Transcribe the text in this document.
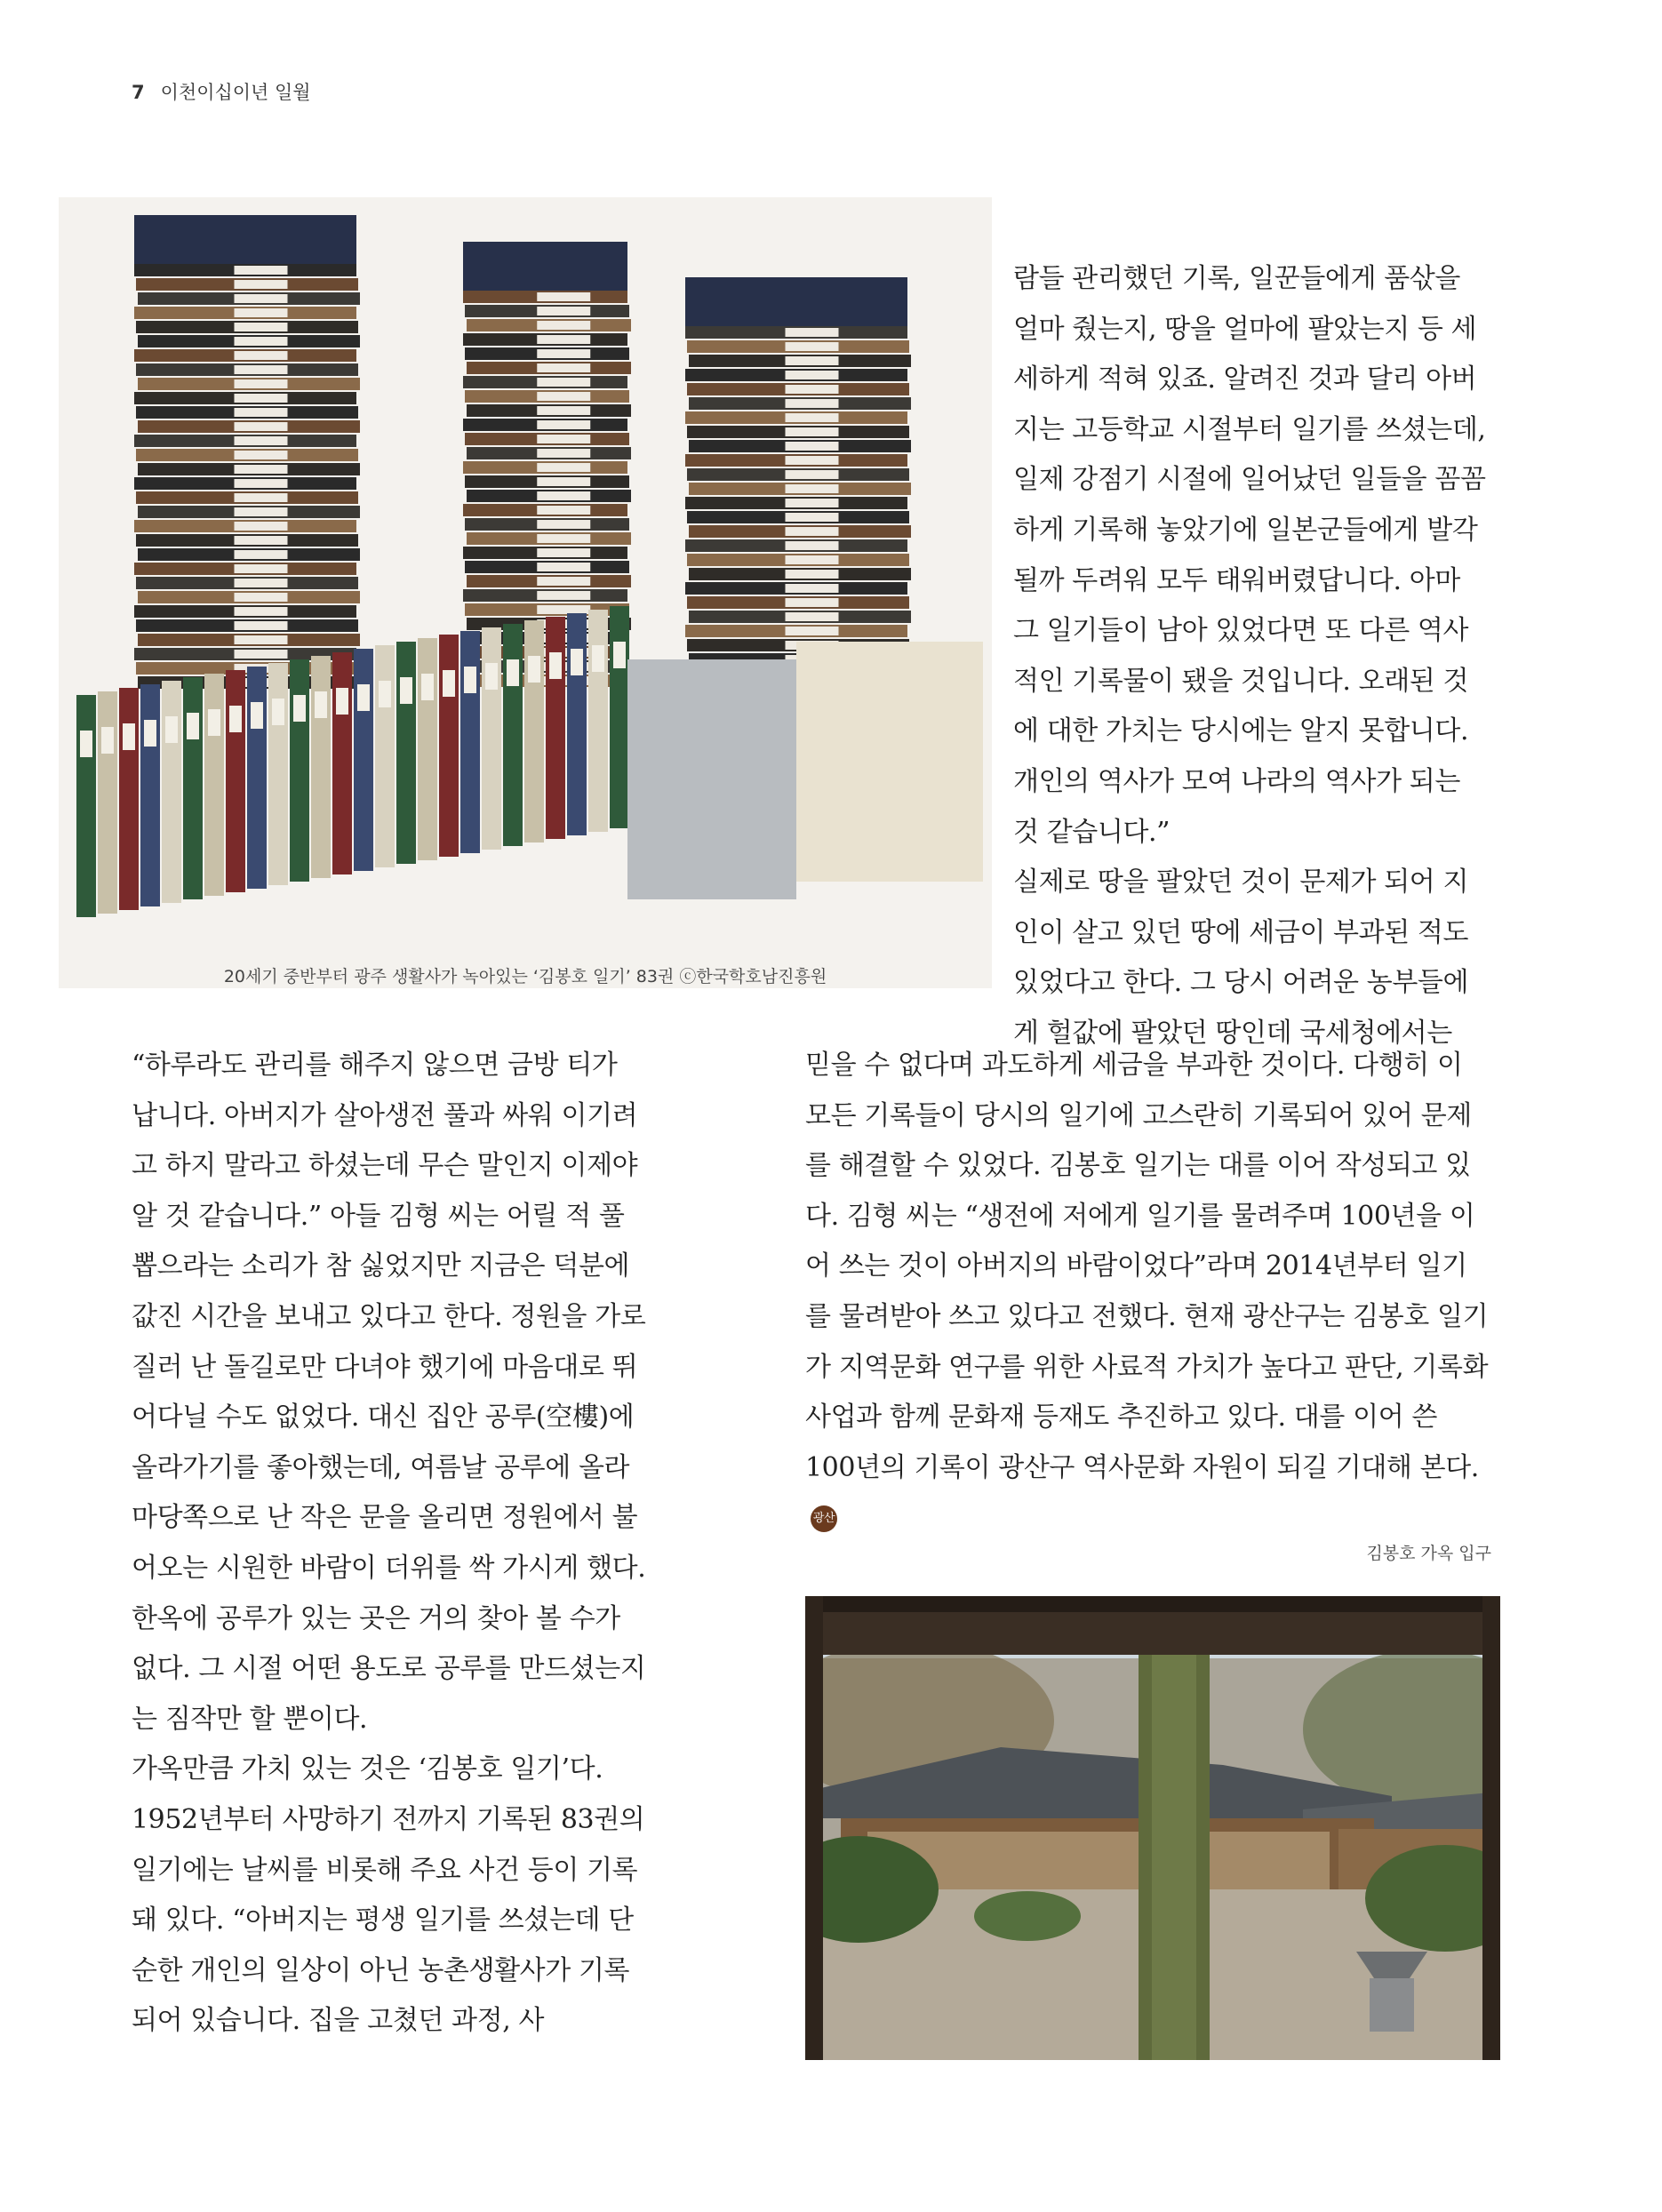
7 이천이십이년 일월
20세기 중반부터 광주 생활사가 녹아있는 ‘김봉호 일기’ 83권 ⓒ한국학호남진흥원

람들 관리했던 기록, 일꾼들에게 품삯을 얼마 줬는지, 땅을 얼마에 팔았는지 등 세세하게 적혀 있죠. 알려진 것과 달리 아버지는 고등학교 시절부터 일기를 쓰셨는데, 일제 강점기 시절에 일어났던 일들을 꼼꼼하게 기록해 놓았기에 일본군들에게 발각될까 두려워 모두 태워버렸답니다. 아마 그 일기들이 남아 있었다면 또 다른 역사적인 기록물이 됐을 것입니다. 오래된 것에 대한 가치는 당시에는 알지 못합니다. 개인의 역사가 모여 나라의 역사가 되는 것 같습니다.”

실제로 땅을 팔았던 것이 문제가 되어 지인이 살고 있던 땅에 세금이 부과된 적도 있었다고 한다. 그 당시 어려운 농부들에게 헐값에 팔았던 땅인데 국세청에서는

“하루라도 관리를 해주지 않으면 금방 티가 납니다. 아버지가 살아생전 풀과 싸워 이기려고 하지 말라고 하셨는데 무슨 말인지 이제야 알 것 같습니다.” 아들 김형 씨는 어릴 적 풀 뽑으라는 소리가 참 싫었지만 지금은 덕분에 값진 시간을 보내고 있다고 한다. 정원을 가로질러 난 돌길로만 다녀야 했기에 마음대로 뛰어다닐 수도 없었다. 대신 집안 공루(空樓)에 올라가기를 좋아했는데, 여름날 공루에 올라 마당쪽으로 난 작은 문을 올리면 정원에서 불어오는 시원한 바람이 더위를 싹 가시게 했다. 한옥에 공루가 있는 곳은 거의 찾아 볼 수가 없다. 그 시절 어떤 용도로 공루를 만드셨는지는 짐작만 할 뿐이다.

가옥만큼 가치 있는 것은 ‘김봉호 일기’다. 1952년부터 사망하기 전까지 기록된 83권의 일기에는 날씨를 비롯해 주요 사건 등이 기록돼 있다. “아버지는 평생 일기를 쓰셨는데 단순한 개인의 일상이 아닌 농촌생활사가 기록되어 있습니다. 집을 고쳤던 과정, 사

믿을 수 없다며 과도하게 세금을 부과한 것이다. 다행히 이 모든 기록들이 당시의 일기에 고스란히 기록되어 있어 문제를 해결할 수 있었다. 김봉호 일기는 대를 이어 작성되고 있다. 김형 씨는 “생전에 저에게 일기를 물려주며 100년을 이어 쓰는 것이 아버지의 바람이었다”라며 2014년부터 일기를 물려받아 쓰고 있다고 전했다. 현재 광산구는 김봉호 일기가 지역문화 연구를 위한 사료적 가치가 높다고 판단, 기록화 사업과 함께 문화재 등재도 추진하고 있다. 대를 이어 쓴 100년의 기록이 광산구 역사문화 자원이 되길 기대해 본다.광산

김봉호 가옥 입구
